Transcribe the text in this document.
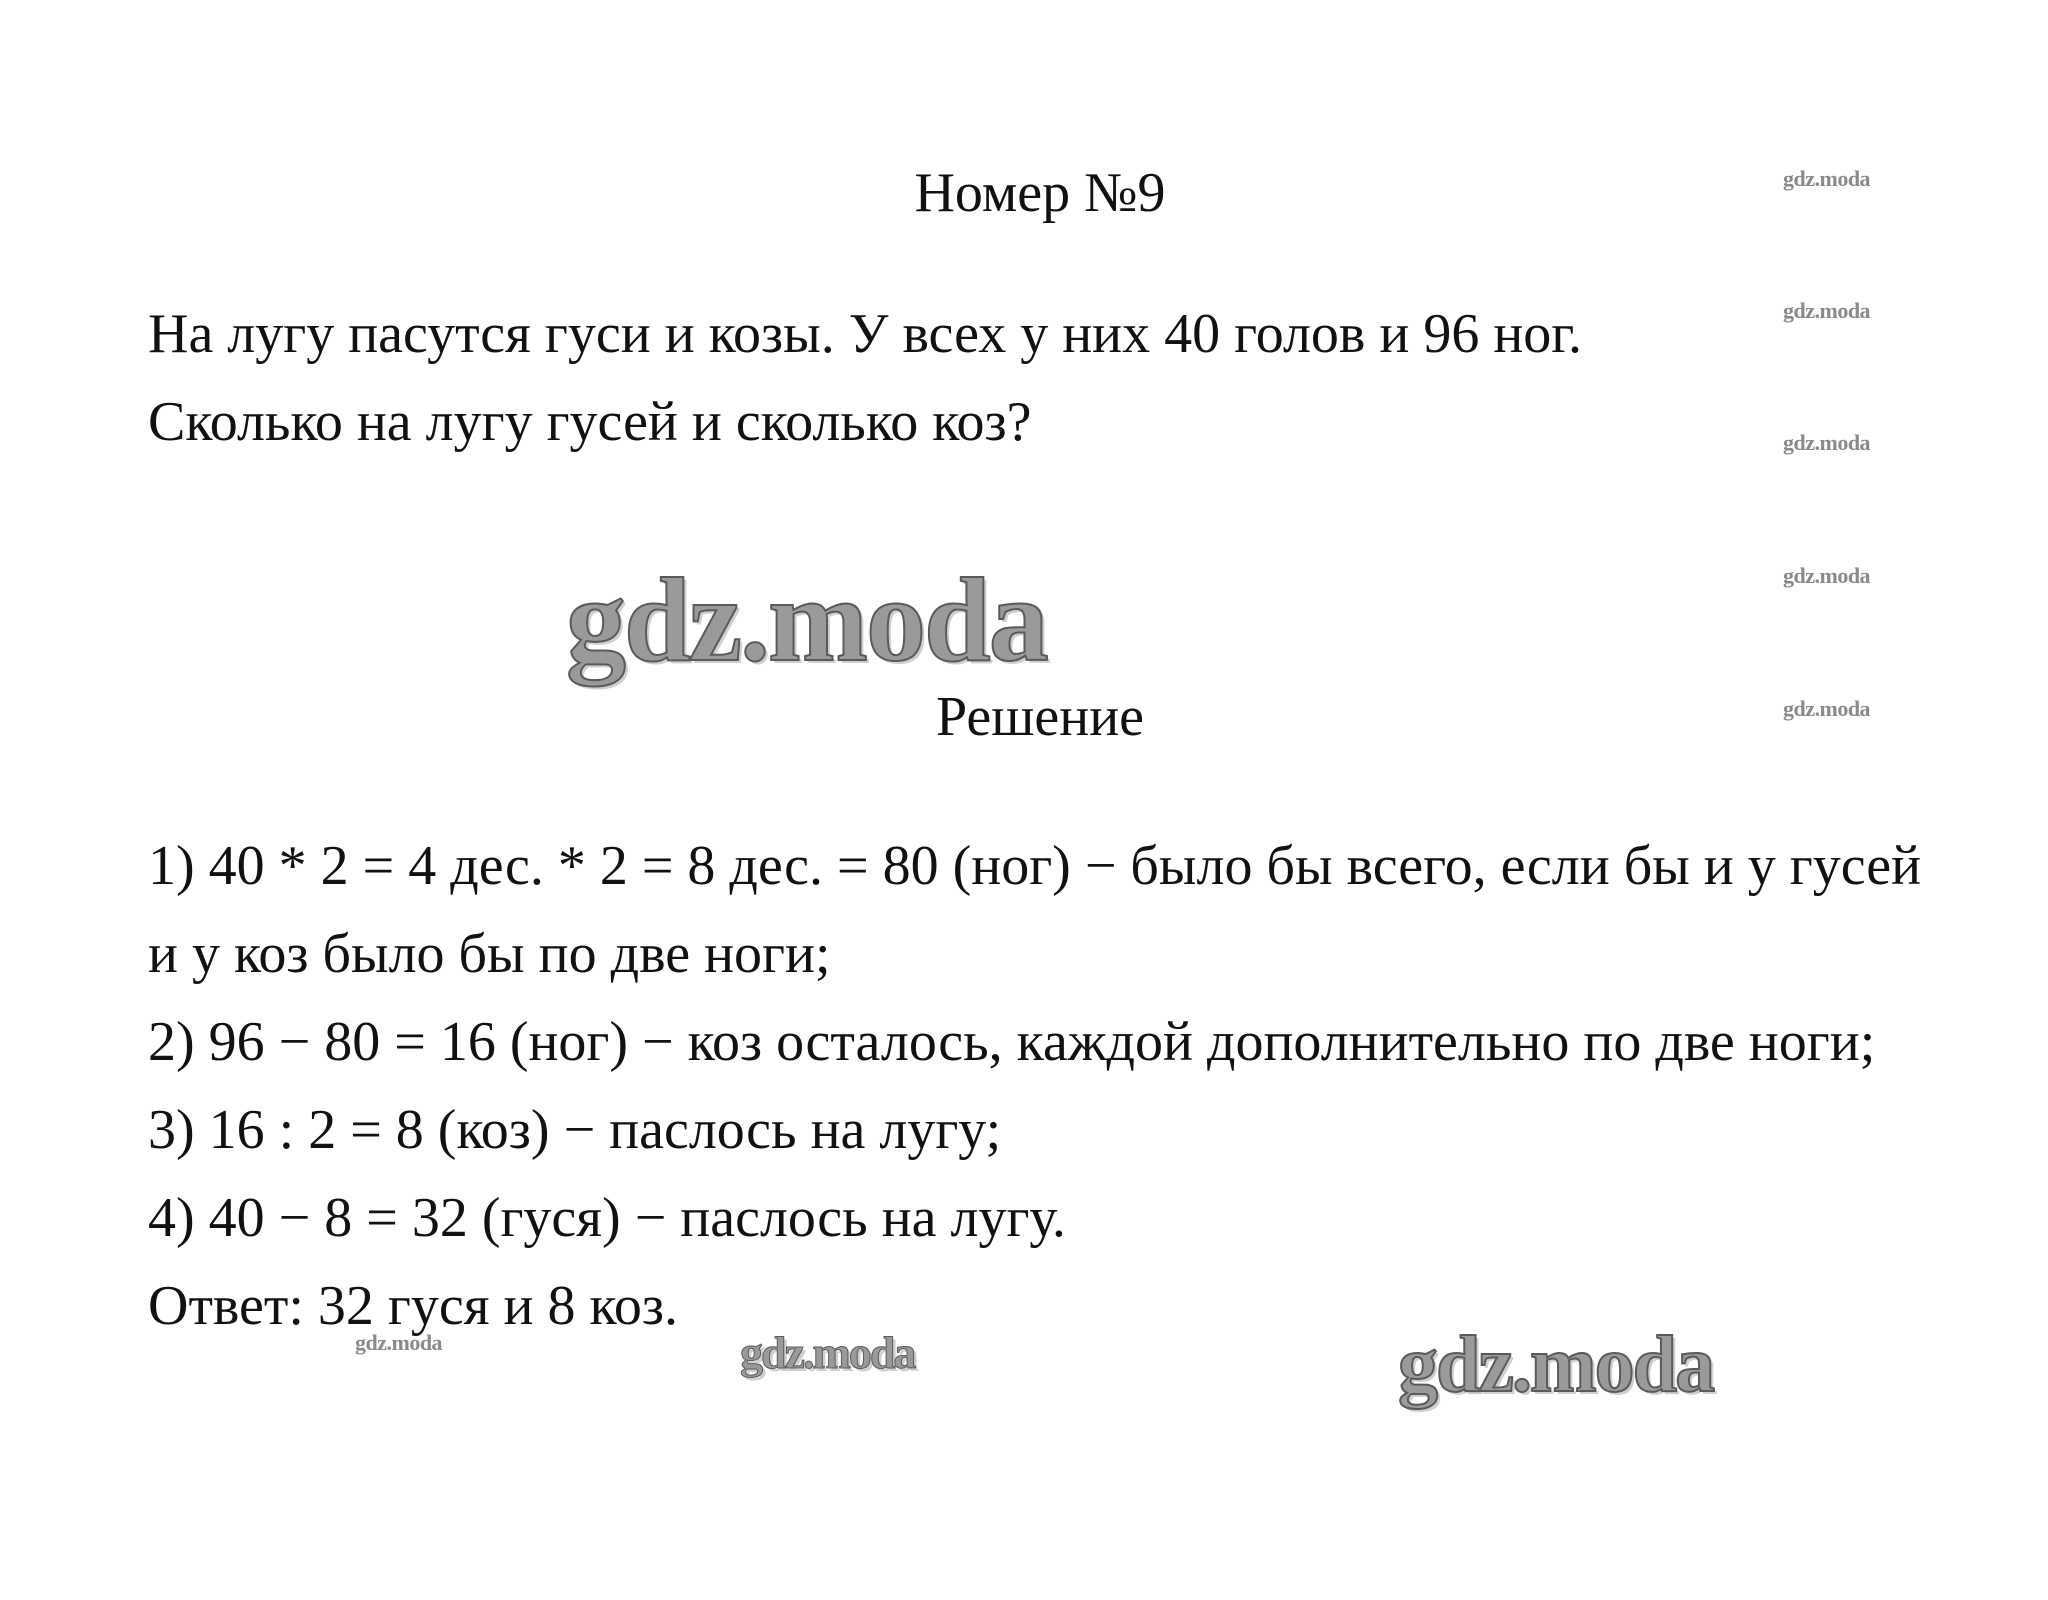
Номер №9
На лугу пасутся гуси и козы. У всех у них 40 голов и 96 ног.
Сколько на лугу гусей и сколько коз?
Решение
1) 40 * 2 = 4 дес. * 2 = 8 дес. = 80 (ног) − было бы всего, если бы и у гусей и у коз было бы по две ноги;
2) 96 − 80 = 16 (ног) − коз осталось, каждой дополнительно по две ноги;
3) 16 : 2 = 8 (коз) − паслось на лугу;
4) 40 − 8 = 32 (гуся) − паслось на лугу.
Ответ: 32 гуся и 8 коз.
gdz.moda
gdz.moda
gdz.moda
gdz.moda
gdz.moda
gdz.moda
gdz.moda
gdz.moda	gdz.moda
